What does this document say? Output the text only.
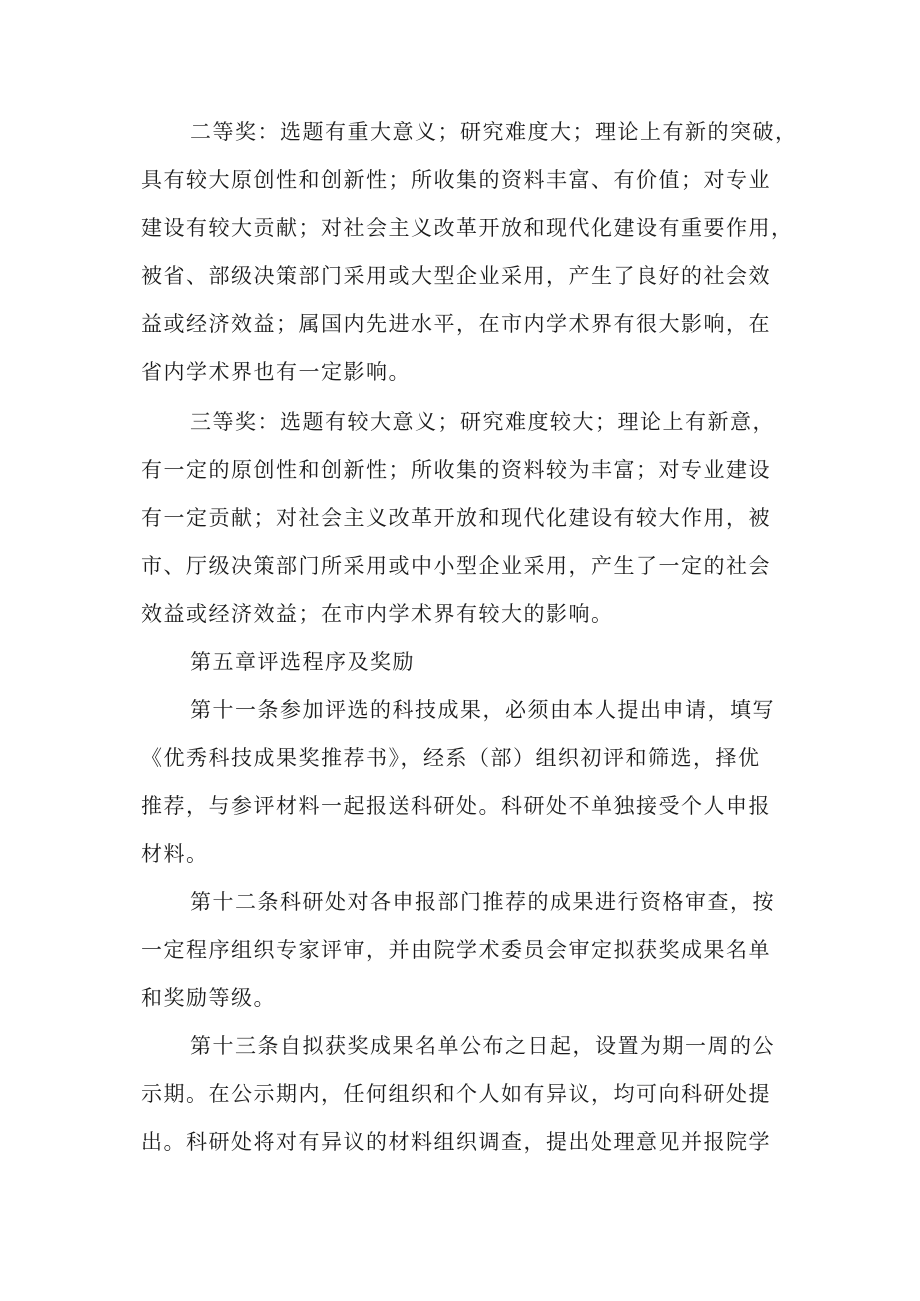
二等奖：选题有重大意义；研究难度大；理论上有新的突破，
具有较大原创性和创新性；所收集的资料丰富、有价值；对专业
建设有较大贡献；对社会主义改革开放和现代化建设有重要作用，
被省、部级决策部门采用或大型企业采用，产生了良好的社会效
益或经济效益；属国内先进水平，在市内学术界有很大影响，在
省内学术界也有一定影响。
三等奖：选题有较大意义；研究难度较大；理论上有新意，
有一定的原创性和创新性；所收集的资料较为丰富；对专业建设
有一定贡献；对社会主义改革开放和现代化建设有较大作用，被
市、厅级决策部门所采用或中小型企业采用，产生了一定的社会
效益或经济效益；在市内学术界有较大的影响。
第五章评选程序及奖励
第十一条参加评选的科技成果，必须由本人提出申请，填写
《优秀科技成果奖推荐书》，经系（部）组织初评和筛选，择优
推荐，与参评材料一起报送科研处。科研处不单独接受个人申报
材料。
第十二条科研处对各申报部门推荐的成果进行资格审查，按
一定程序组织专家评审，并由院学术委员会审定拟获奖成果名单
和奖励等级。
第十三条自拟获奖成果名单公布之日起，设置为期一周的公
示期。在公示期内，任何组织和个人如有异议，均可向科研处提
出。科研处将对有异议的材料组织调查，提出处理意见并报院学
